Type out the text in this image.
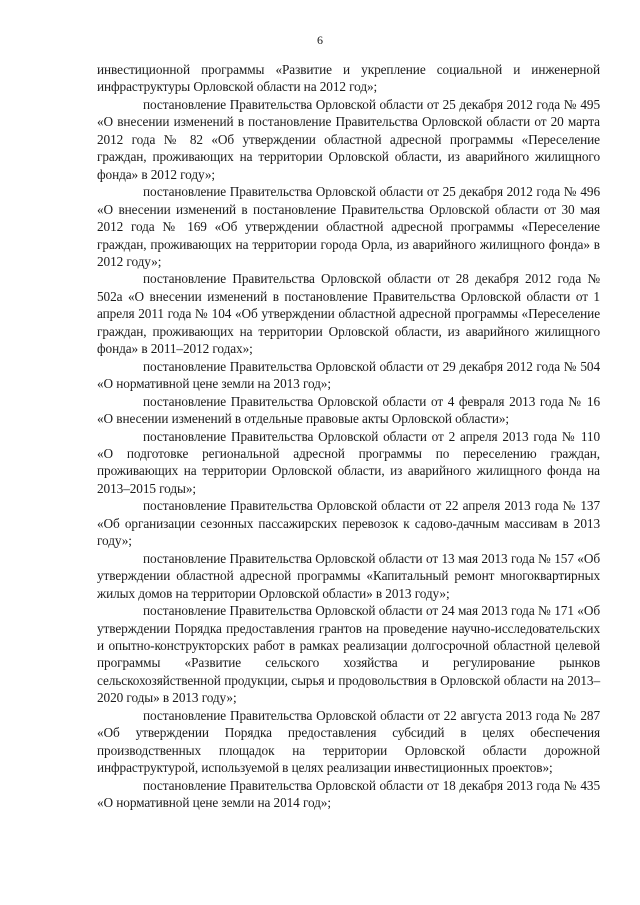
6

инвестиционной программы «Развитие и укрепление социальной и инженерной инфраструктуры Орловской области на 2012 год»;

постановление Правительства Орловской области от 25 декабря 2012 года № 495 «О внесении изменений в постановление Правительства Орловской области от 20 марта 2012 года № 82 «Об утверждении областной адресной программы «Переселение граждан, проживающих на территории Орловской области, из аварийного жилищного фонда» в 2012 году»;

постановление Правительства Орловской области от 25 декабря 2012 года № 496 «О внесении изменений в постановление Правительства Орловской области от 30 мая 2012 года № 169 «Об утверждении областной адресной программы «Переселение граждан, проживающих на территории города Орла, из аварийного жилищного фонда» в 2012 году»;

постановление Правительства Орловской области от 28 декабря 2012 года № 502а «О внесении изменений в постановление Правительства Орловской области от 1 апреля 2011 года № 104 «Об утверждении областной адресной программы «Переселение граждан, проживающих на территории Орловской области, из аварийного жилищного фонда» в 2011–2012 годах»;

постановление Правительства Орловской области от 29 декабря 2012 года № 504 «О нормативной цене земли на 2013 год»;

постановление Правительства Орловской области от 4 февраля 2013 года № 16 «О внесении изменений в отдельные правовые акты Орловской области»;

постановление Правительства Орловской области от 2 апреля 2013 года № 110 «О подготовке региональной адресной программы по переселению граждан, проживающих на территории Орловской области, из аварийного жилищного фонда на 2013–2015 годы»;

постановление Правительства Орловской области от 22 апреля 2013 года № 137 «Об организации сезонных пассажирских перевозок к садово-дачным массивам в 2013 году»;

постановление Правительства Орловской области от 13 мая 2013 года № 157 «Об утверждении областной адресной программы «Капитальный ремонт многоквартирных жилых домов на территории Орловской области» в 2013 году»;

постановление Правительства Орловской области от 24 мая 2013 года № 171 «Об утверждении Порядка предоставления грантов на проведение научно-исследовательских и опытно-конструкторских работ в рамках реализации долгосрочной областной целевой программы «Развитие сельского хозяйства и регулирование рынков сельскохозяйственной продукции, сырья и продовольствия в Орловской области на 2013–2020 годы» в 2013 году»;

постановление Правительства Орловской области от 22 августа 2013 года № 287 «Об утверждении Порядка предоставления субсидий в целях обеспечения производственных площадок на территории Орловской области дорожной инфраструктурой, используемой в целях реализации инвестиционных проектов»;

постановление Правительства Орловской области от 18 декабря 2013 года № 435 «О нормативной цене земли на 2014 год»;
